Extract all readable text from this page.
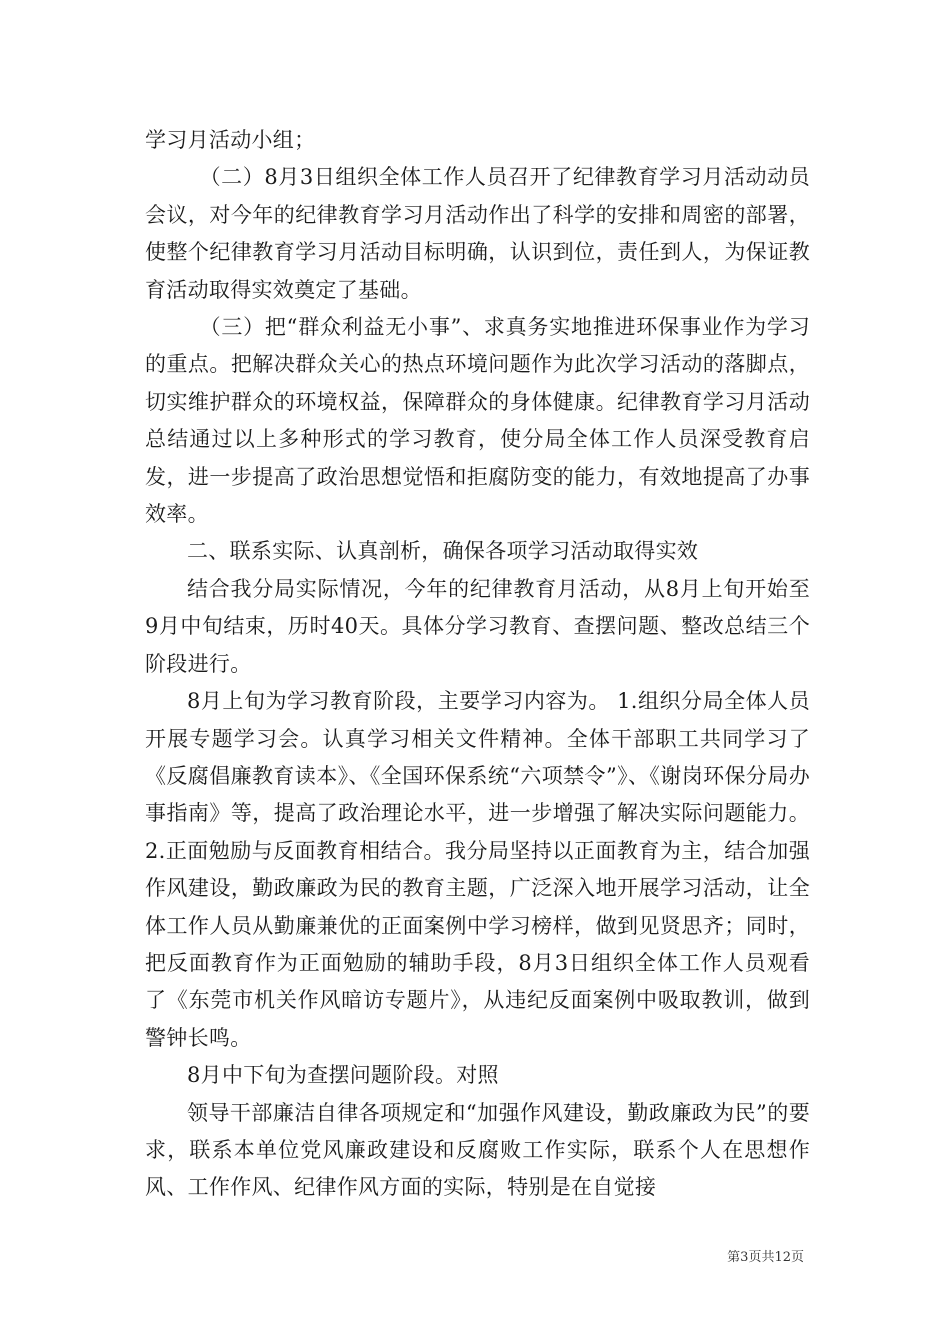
学习月活动小组；

（二）8月3日组织全体工作人员召开了纪律教育学习月活动动员会议，对今年的纪律教育学习月活动作出了科学的安排和周密的部署，使整个纪律教育学习月活动目标明确，认识到位，责任到人，为保证教育活动取得实效奠定了基础。

（三）把“群众利益无小事”、求真务实地推进环保事业作为学习的重点。把解决群众关心的热点环境问题作为此次学习活动的落脚点，切实维护群众的环境权益，保障群众的身体健康。纪律教育学习月活动总结通过以上多种形式的学习教育，使分局全体工作人员深受教育启发，进一步提高了政治思想觉悟和拒腐防变的能力，有效地提高了办事效率。

二、联系实际、认真剖析，确保各项学习活动取得实效

结合我分局实际情况，今年的纪律教育月活动，从8月上旬开始至9月中旬结束，历时40天。具体分学习教育、查摆问题、整改总结三个阶段进行。

8月上旬为学习教育阶段，主要学习内容为。 1.组织分局全体人员开展专题学习会。认真学习相关文件精神。全体干部职工共同学习了《反腐倡廉教育读本》、《全国环保系统“六项禁令”》、《谢岗环保分局办事指南》等，提高了政治理论水平，进一步增强了解决实际问题能力。 2.正面勉励与反面教育相结合。我分局坚持以正面教育为主，结合加强作风建设，勤政廉政为民的教育主题，广泛深入地开展学习活动，让全体工作人员从勤廉兼优的正面案例中学习榜样，做到见贤思齐；同时，把反面教育作为正面勉励的辅助手段，8月3日组织全体工作人员观看了《东莞市机关作风暗访专题片》，从违纪反面案例中吸取教训，做到警钟长鸣。

8月中下旬为查摆问题阶段。对照

领导干部廉洁自律各项规定和“加强作风建设，勤政廉政为民”的要求，联系本单位党风廉政建设和反腐败工作实际，联系个人在思想作风、工作作风、纪律作风方面的实际，特别是在自觉接

第3页共12页
